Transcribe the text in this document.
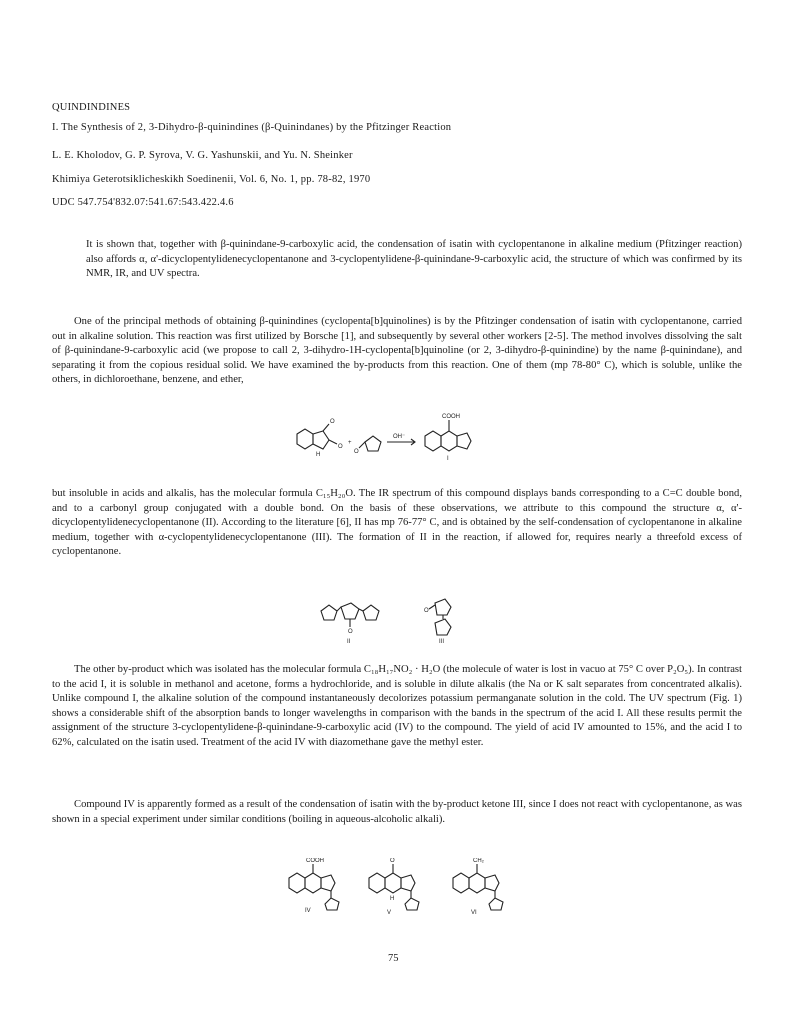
QUINDINDINES
I. The Synthesis of 2, 3-Dihydro-β-quinindines (β-Quinindanes) by the Pfitzinger Reaction
L. E. Kholodov, G. P. Syrova, V. G. Yashunskii, and Yu. N. Sheinker
Khimiya Geterotsiklicheskikh Soedinenii, Vol. 6, No. 1, pp. 78-82, 1970
UDC 547.754'832.07:541.67:543.422.4.6
It is shown that, together with β-quinindane-9-carboxylic acid, the condensation of isatin with cyclopentanone in alkaline medium (Pfitzinger reaction) also affords α, α'-dicyclopentylidenecyclopentanone and 3-cyclopentylidene-β-quinindane-9-carboxylic acid, the structure of which was confirmed by its NMR, IR, and UV spectra.

One of the principal methods of obtaining β-quinindines (cyclopenta[b]quinolines) is by the Pfitzinger condensation of isatin with cyclopentanone, carried out in alkaline solution. This reaction was first utilized by Borsche [1], and subsequently by several other workers [2-5]. The method involves dissolving the salt of β-quinindane-9-carboxylic acid (we propose to call 2, 3-dihydro-1H-cyclopenta[b]quinoline (or 2, 3-dihydro-β-quinindine) by the name β-quinindane), and separating it from the copious residual solid. We have examined the by-products from this reaction. One of them (mp 78-80° C), which is soluble, unlike the others, in dichloroethane, benzene, and ether,

O
O
H
+
O
OH⁻
COOH
I

but insoluble in acids and alkalis, has the molecular formula C₁₅H₂₀O. The IR spectrum of this compound displays bands corresponding to a C=C double bond, and to a carbonyl group conjugated with a double bond. On the basis of these observations, we attribute to this compound the structure α, α'-dicyclopentylidenecyclopentanone (II). According to the literature [6], II has mp 76-77° C, and is obtained by the self-condensation of cyclopentanone in alkaline medium, together with α-cyclopentylidenecyclopentanone (III). The formation of II in the reaction, if allowed for, requires nearly a threefold excess of cyclopentanone.

O
II
O
III

The other by-product which was isolated has the molecular formula C₁₈H₁₇NO₂ · H₂O (the molecule of water is lost in vacuo at 75° C over P₂O₅). In contrast to the acid I, it is soluble in methanol and acetone, forms a hydrochloride, and is soluble in dilute alkalis (the Na or K salt separates from concentrated alkalis). Unlike compound I, the alkaline solution of the compound instantaneously decolorizes potassium permanganate solution in the cold. The UV spectrum (Fig. 1) shows a considerable shift of the absorption bands to longer wavelengths in comparison with the bands in the spectrum of the acid I. All these results permit the assignment of the structure 3-cyclopentylidene-β-quinindane-9-carboxylic acid (IV) to the compound. The yield of acid IV amounted to 15%, and the acid I to 62%, calculated on the isatin used. Treatment of the acid IV with diazomethane gave the methyl ester.

Compound IV is apparently formed as a result of the condensation of isatin with the by-product ketone III, since I does not react with cyclopentanone, as was shown in a special experiment under similar conditions (boiling in aqueous-alcoholic alkali).

COOH
IV
O
H
V
CH₂
VI
75
